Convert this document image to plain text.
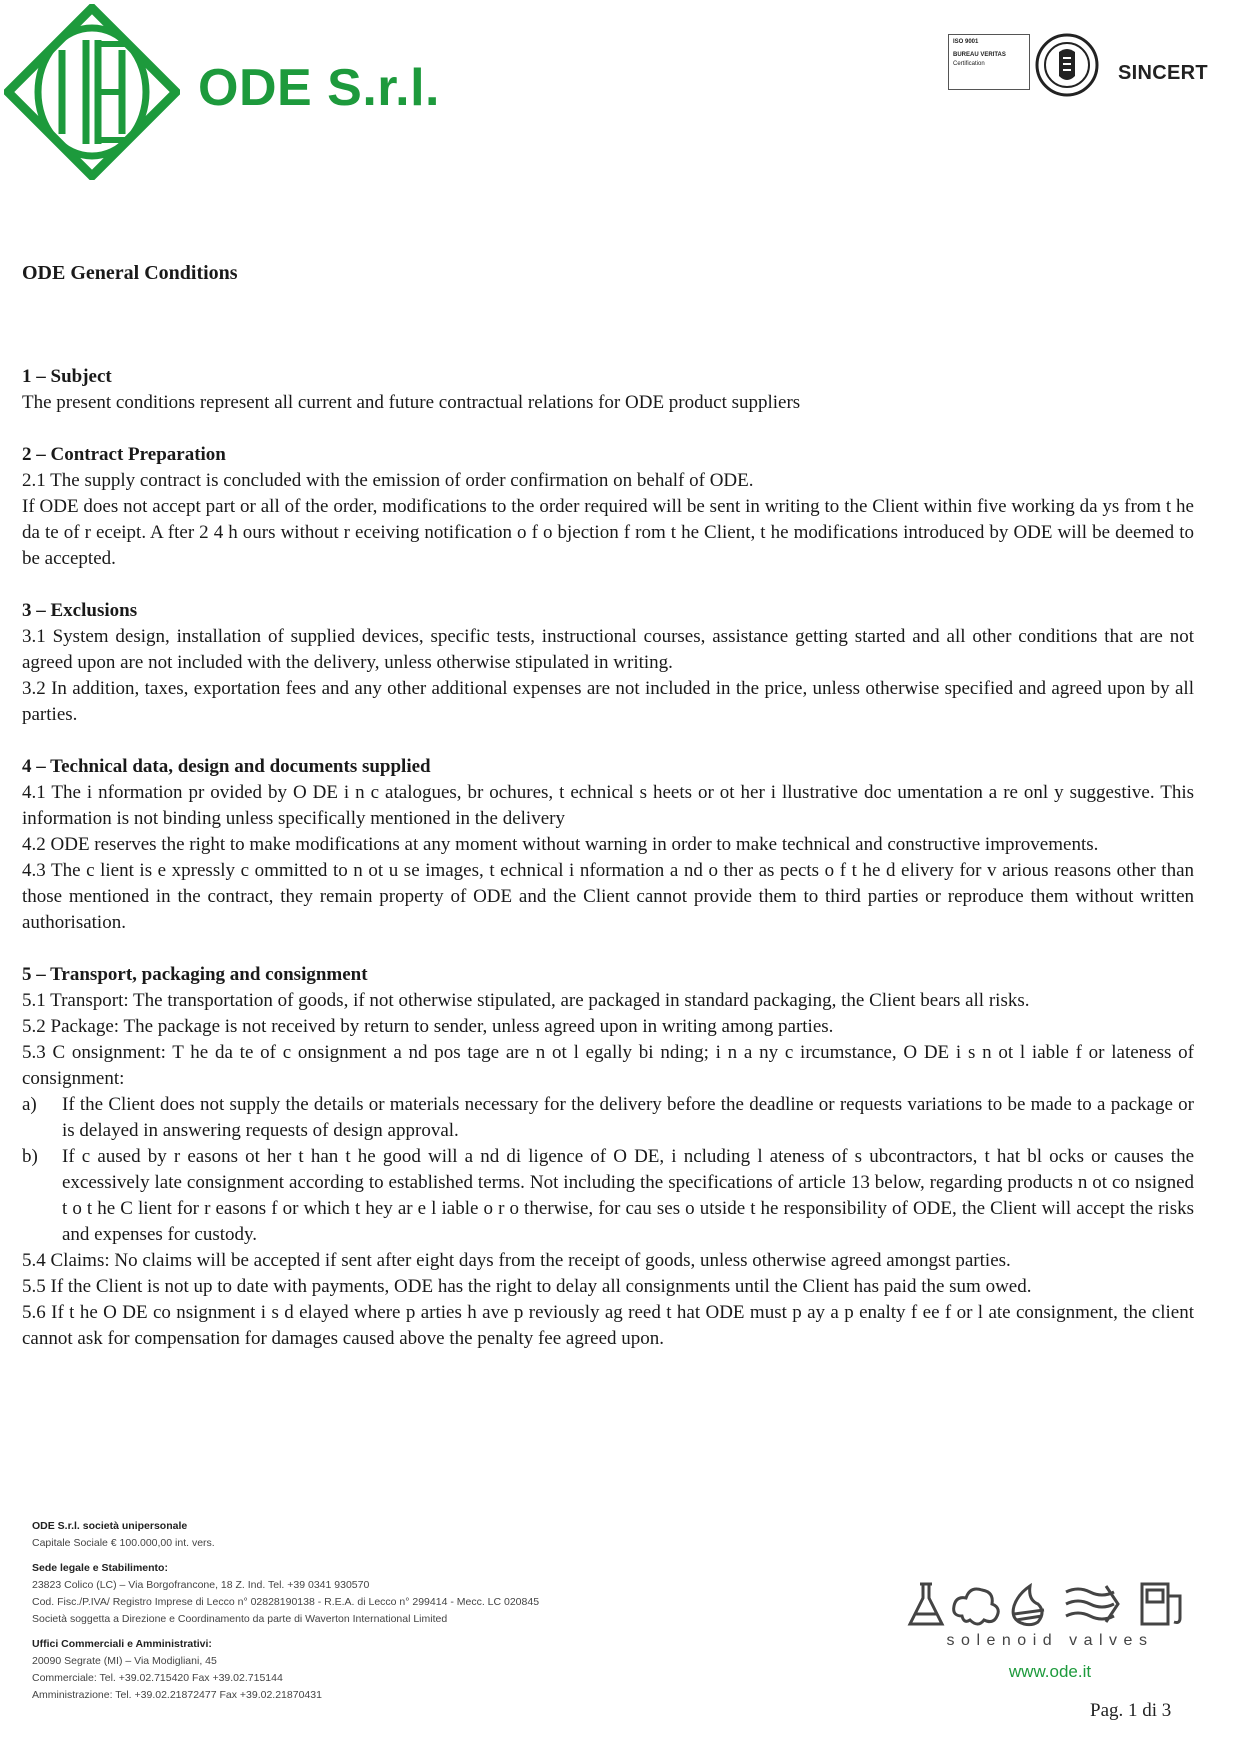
ODE S.r.l.
ISO 9001
BUREAU VERITAS
Certification	SINCERT
ODE General Conditions
1 – Subject

The present conditions represent all current and future contractual relations for ODE product suppliers

2 – Contract Preparation

2.1 The supply contract is concluded with the emission of order confirmation on behalf of ODE.

If ODE does not accept part or all of the order, modifications to the order required will be sent in writing to the Client within five working da ys from t he da te of r eceipt. A fter 2 4 h ours without r eceiving notification o f o bjection f rom t he Client, t he modifications introduced by ODE will be deemed to be accepted.

3 – Exclusions

3.1 System design, installation of supplied devices, specific tests, instructional courses, assistance getting started and all other conditions that are not agreed upon are not included with the delivery, unless otherwise stipulated in writing.

3.2 In addition, taxes, exportation fees and any other additional expenses are not included in the price, unless otherwise specified and agreed upon by all parties.

4 – Technical data, design and documents supplied

4.1 The i nformation pr ovided by O DE i n c atalogues, br ochures, t echnical s heets or ot her i llustrative doc umentation a re onl y suggestive. This information is not binding unless specifically mentioned in the delivery

4.2 ODE reserves the right to make modifications at any moment without warning in order to make technical and constructive improvements.

4.3 The c lient is e xpressly c ommitted to n ot u se images, t echnical i nformation a nd o ther as pects o f t he d elivery for v arious reasons other than those mentioned in the contract, they remain property of ODE and the Client cannot provide them to third parties or reproduce them without written authorisation.

5 – Transport, packaging and consignment

5.1 Transport: The transportation of goods, if not otherwise stipulated, are packaged in standard packaging, the Client bears all risks.

5.2 Package: The package is not received by return to sender, unless agreed upon in writing among parties.

5.3 C onsignment: T he da te of c onsignment a nd pos tage are n ot l egally bi nding; i n a ny c ircumstance, O DE i s n ot l iable f or lateness of consignment:

a)	If the Client does not supply the details or materials necessary for the delivery before the deadline or requests variations to be made to a package or is delayed in answering requests of design approval.
b)	If c aused by r easons ot her t han t he good will a nd di ligence of O DE, i ncluding l ateness of s ubcontractors, t hat bl ocks or causes the excessively late consignment according to established terms. Not including the specifications of article 13 below, regarding products n ot co nsigned t o t he C lient for r easons f or which t hey ar e l iable o r o therwise, for cau ses o utside t he responsibility of ODE, the Client will accept the risks and expenses for custody.

5.4 Claims: No claims will be accepted if sent after eight days from the receipt of goods, unless otherwise agreed amongst parties.

5.5 If the Client is not up to date with payments, ODE has the right to delay all consignments until the Client has paid the sum owed.

5.6 If t he O DE co nsignment i s d elayed where p arties h ave p reviously ag reed t hat ODE must p ay a p enalty f ee f or l ate consignment, the client cannot ask for compensation for damages caused above the penalty fee agreed upon.

ODE S.r.l. società unipersonale
Capitale Sociale € 100.000,00 int. vers.
Sede legale e Stabilimento:
23823 Colico (LC) – Via Borgofrancone, 18 Z. Ind. Tel. +39 0341 930570
Cod. Fisc./P.IVA/ Registro Imprese di Lecco n° 02828190138 - R.E.A. di Lecco n° 299414 - Mecc. LC 020845
Società soggetta a Direzione e Coordinamento da parte di Waverton International Limited
Uffici Commerciali e Amministrativi:
20090 Segrate (MI) – Via Modigliani, 45
Commerciale: Tel. +39.02.715420 Fax +39.02.715144
Amministrazione: Tel. +39.02.21872477 Fax +39.02.21870431
solenoid valves
www.ode.it
Pag. 1 di 3
